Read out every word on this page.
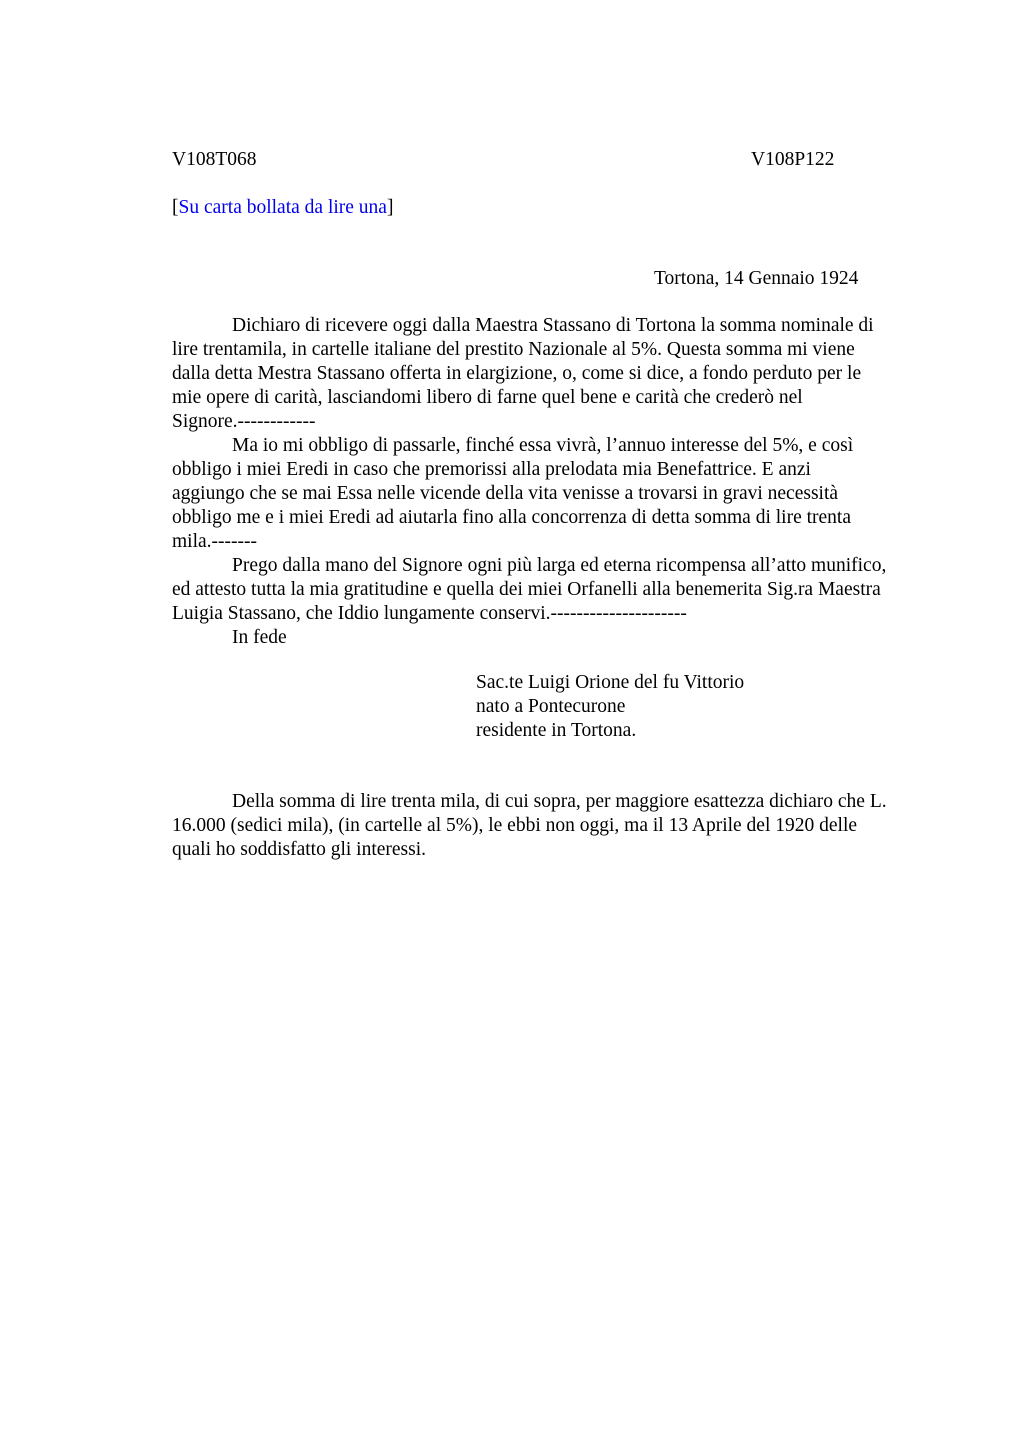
V108T068	V108P122
[Su carta bollata da lire una]
Tortona, 14 Gennaio 1924
Dichiaro di ricevere oggi dalla Maestra Stassano di Tortona la somma nominale di
lire trentamila, in cartelle italiane del prestito Nazionale al 5%. Questa somma mi viene
dalla detta Mestra Stassano offerta in elargizione, o, come si dice, a fondo perduto per le
mie opere di carità, lasciandomi libero di farne quel bene e carità che crederò nel
Signore.------------
Ma io mi obbligo di passarle, finché essa vivrà, l’annuo interesse del 5%, e così
obbligo i miei Eredi in caso che premorissi alla prelodata mia Benefattrice. E anzi
aggiungo che se mai Essa nelle vicende della vita venisse a trovarsi in gravi necessità
obbligo me e i miei Eredi ad aiutarla fino alla concorrenza di detta somma di lire trenta
mila.-------
Prego dalla mano del Signore ogni più larga ed eterna ricompensa all’atto munifico,
ed attesto tutta la mia gratitudine e quella dei miei Orfanelli alla benemerita Sig.ra Maestra
Luigia Stassano, che Iddio lungamente conservi.---------------------
In fede
Sac.te Luigi Orione del fu Vittorio
nato a Pontecurone
residente in Tortona.
Della somma di lire trenta mila, di cui sopra, per maggiore esattezza dichiaro che L.
16.000 (sedici mila), (in cartelle al 5%), le ebbi non oggi, ma il 13 Aprile del 1920 delle
quali ho soddisfatto gli interessi.
